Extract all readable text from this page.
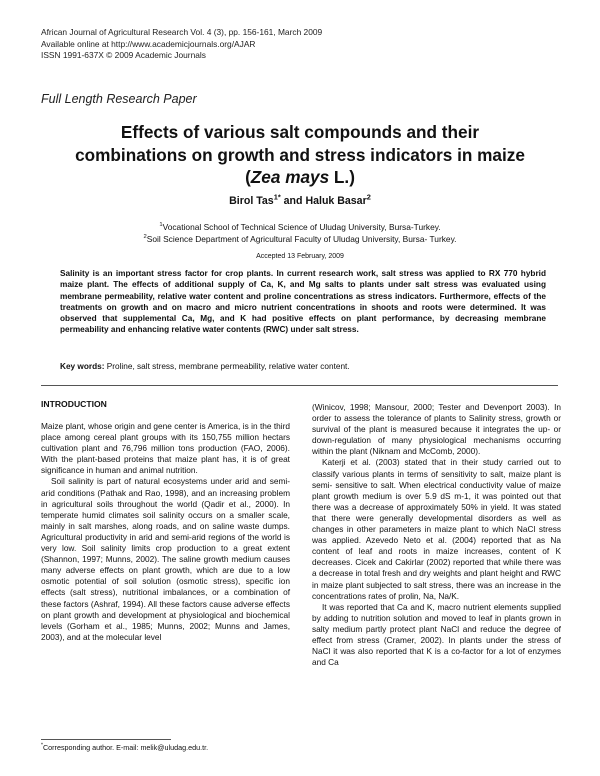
African Journal of Agricultural Research Vol. 4 (3), pp. 156-161, March 2009
Available online at http://www.academicjournals.org/AJAR
ISSN 1991-637X © 2009 Academic Journals
Full Length Research Paper
Effects of various salt compounds and their
combinations on growth and stress indicators in maize
(Zea mays L.)
Birol Tas$^{1*}$ and Haluk Basar$^2$
$^1$Vocational School of Technical Science of Uludag University, Bursa-Turkey.
$^2$Soil Science Department of Agricultural Faculty of Uludag University, Bursa- Turkey.
Accepted 13 February, 2009
Salinity is an important stress factor for crop plants. In current research work, salt stress was applied to RX 770 hybrid maize plant. The effects of additional supply of Ca, K, and Mg salts to plants under salt stress was evaluated using membrane permeability, relative water content and proline concentrations as stress indicators. Furthermore, effects of the treatments on growth and on macro and micro nutrient concentrations in shoots and roots were determined. It was observed that supplemental Ca, Mg, and K had positive effects on plant performance, by decreasing membrane permeability and enhancing relative water contents (RWC) under salt stress.
Key words: Proline, salt stress, membrane permeability, relative water content.
INTRODUCTION

Maize plant, whose origin and gene center is America, is in the third place among cereal plant groups with its 150,755 million hectars cultivation plant and 76,796 million tons production (FAO, 2006). With the plant-based proteins that maize plant has, it is of great significance in human and animal nutrition.

Soil salinity is part of natural ecosystems under arid and semi-arid conditions (Pathak and Rao, 1998), and an increasing problem in agricultural soils throughout the world (Qadir et al., 2000). In temperate humid climates soil salinity occurs on a smaller scale, mainly in salt marshes, along roads, and on saline waste dumps. Agricultural productivity in arid and semi-arid regions of the world is very low. Soil salinity limits crop production to a great extent (Shannon, 1997; Munns, 2002). The saline growth medium causes many adverse effects on plant growth, which are due to a low osmotic potential of soil solution (osmotic stress), specific ion effects (salt stress), nutritional imbalances, or a combination of these factors (Ashraf, 1994). All these factors cause adverse effects on plant growth and development at physiological and biochemical levels (Gorham et al., 1985; Munns, 2002; Munns and James, 2003), and at the molecular level

(Winicov, 1998; Mansour, 2000; Tester and Devenport 2003). In order to assess the tolerance of plants to Salinity stress, growth or survival of the plant is measured because it integrates the up- or down-regulation of many physiological mechanisms occurring within the plant (Niknam and McComb, 2000).

Katerji et al. (2003) stated that in their study carried out to classify various plants in terms of sensitivity to salt, maize plant is semi- sensitive to salt. When electrical conductivity value of maize plant growth medium is over 5.9 dS m-1, it was pointed out that there was a decrease of approximately 50% in yield. It was stated that there were generally developmental disorders as well as changes in other parameters in maize plant to which NaCl stress was applied. Azevedo Neto et al. (2004) reported that as Na content of leaf and roots in maize increases, content of K decreases. Cicek and Cakirlar (2002) reported that while there was a decrease in total fresh and dry weights and plant height and RWC in maize plant subjected to salt stress, there was an increase in the concentrations rates of prolin, Na, Na/K.

It was reported that Ca and K, macro nutrient elements supplied by adding to nutrition solution and moved to leaf in plants grown in salty medium partly protect plant NaCl and reduce the degree of effect from stress (Cramer, 2002). In plants under the stress of NaCl it was also reported that K is a co-factor for a lot of enzymes and Ca

*Corresponding author. E-mail: melik@uludag.edu.tr.
